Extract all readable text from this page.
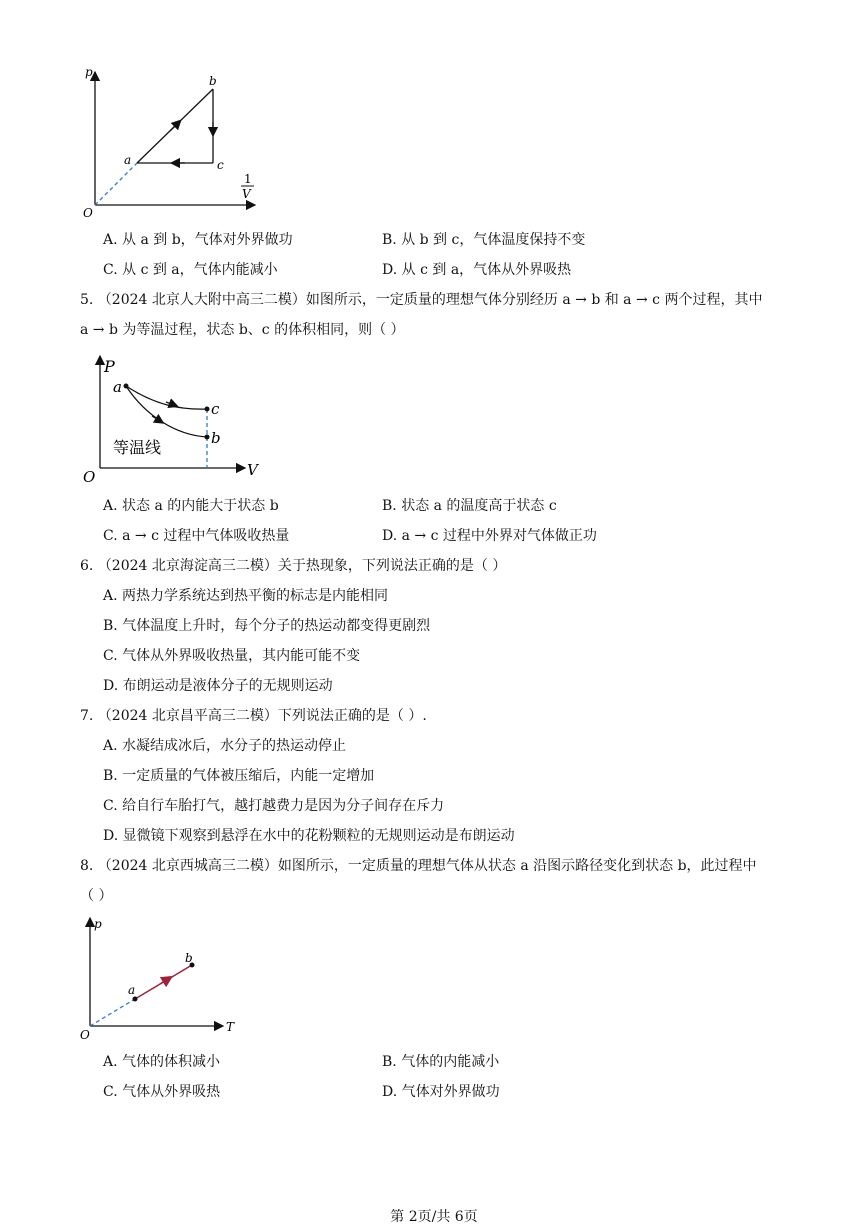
p
O
a
b
c
1
V
A. 从 a 到 b，气体对外界做功	B. 从 b 到 c，气体温度保持不变
C. 从 c 到 a，气体内能减小	D. 从 c 到 a，气体从外界吸热
5. （2024 北京人大附中高三二模）如图所示，一定质量的理想气体分别经历 a → b 和 a → c 两个过程，其中
a → b 为等温过程，状态 b、c 的体积相同，则（ ）
P
a
c
b
等温线
O	V
A. 状态 a 的内能大于状态 b	B. 状态 a 的温度高于状态 c
C. a → c 过程中气体吸收热量	D. a → c 过程中外界对气体做正功
6. （2024 北京海淀高三二模）关于热现象，下列说法正确的是（ ）
A. 两热力学系统达到热平衡的标志是内能相同
B. 气体温度上升时，每个分子的热运动都变得更剧烈
C. 气体从外界吸收热量，其内能可能不变
D. 布朗运动是液体分子的无规则运动
7. （2024 北京昌平高三二模）下列说法正确的是（ ）.
A. 水凝结成冰后，水分子的热运动停止
B. 一定质量的气体被压缩后，内能一定增加
C. 给自行车胎打气，越打越费力是因为分子间存在斥力
D. 显微镜下观察到悬浮在水中的花粉颗粒的无规则运动是布朗运动
8. （2024 北京西城高三二模）如图所示，一定质量的理想气体从状态 a 沿图示路径变化到状态 b，此过程中
（ ）
p
a
b
O
T
A. 气体的体积减小	B. 气体的内能减小
C. 气体从外界吸热	D. 气体对外界做功
第 2页/共 6页
